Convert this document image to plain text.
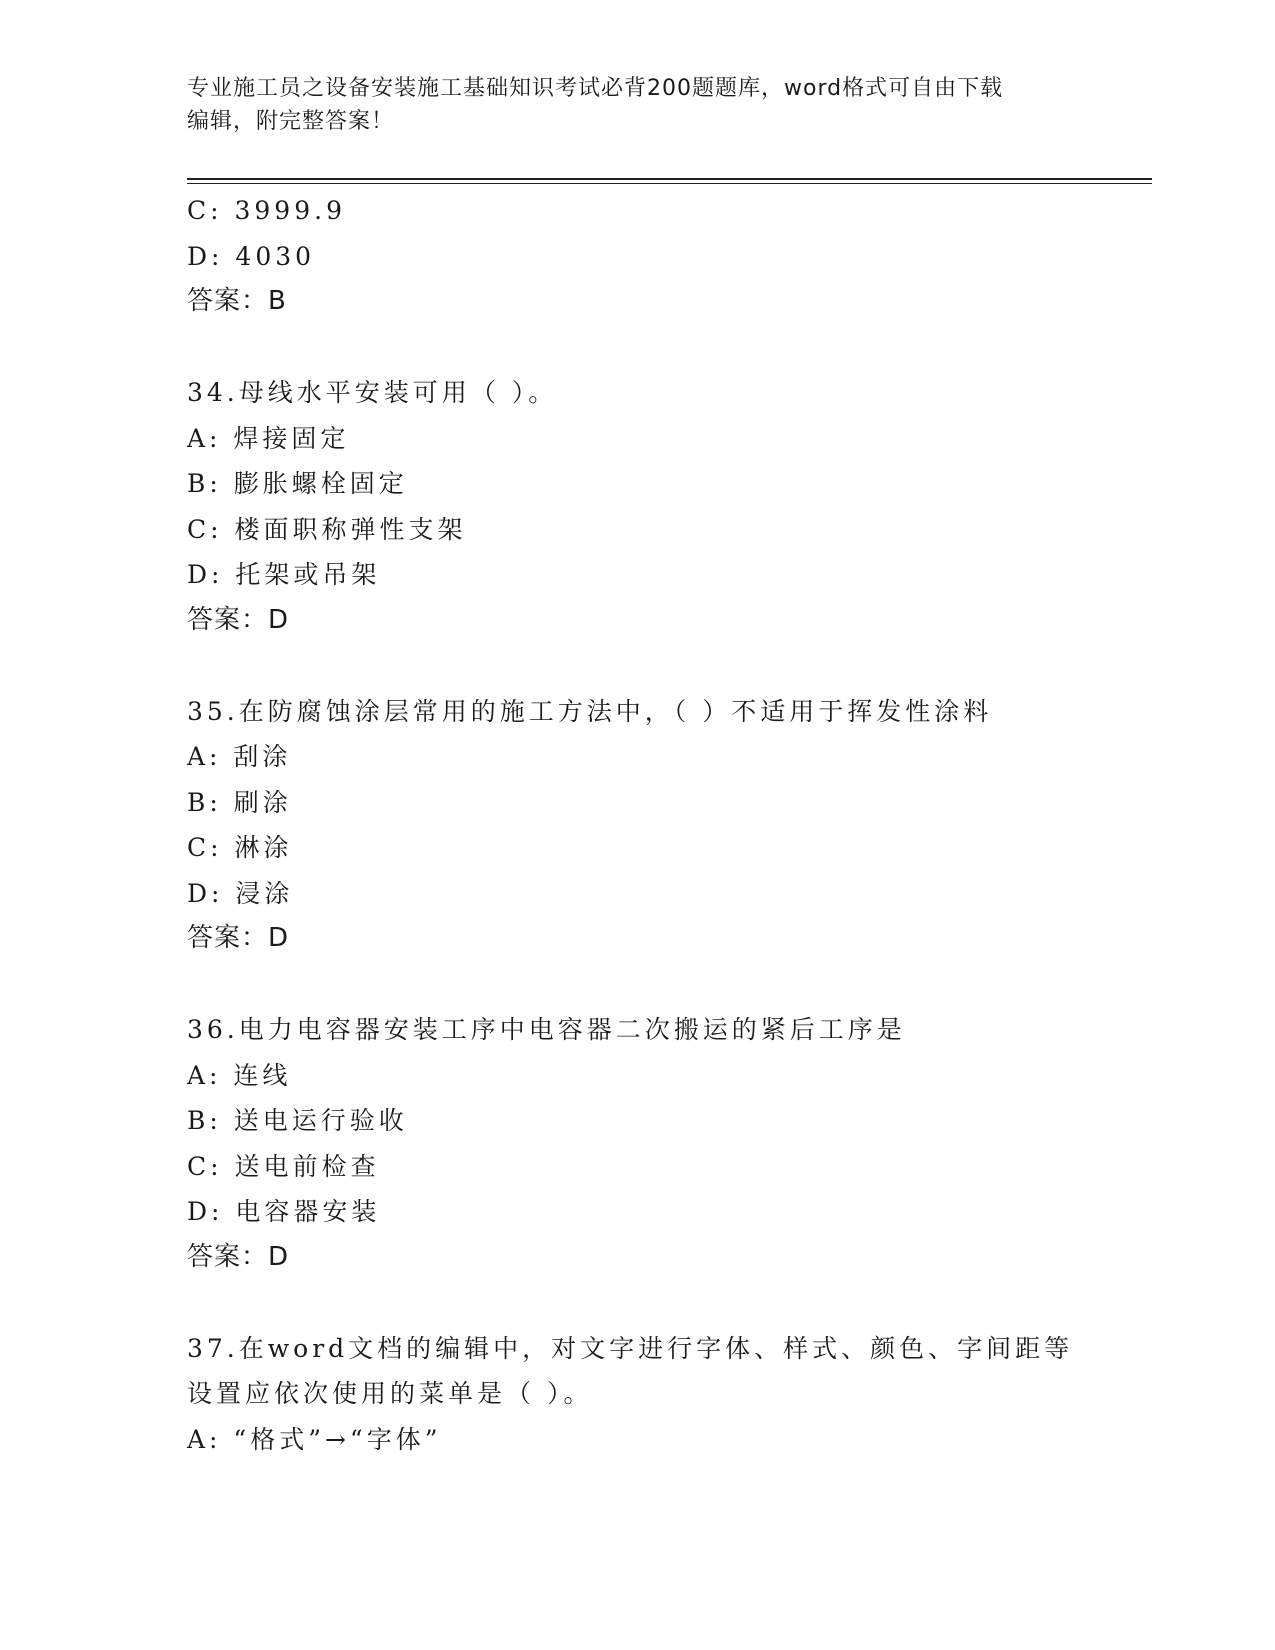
专业施工员之设备安装施工基础知识考试必背200题题库，word格式可自由下载
编辑，附完整答案！
C: 3999.9
D: 4030
答案：B
34.母线水平安装可用（ ）。
A: 焊接固定
B: 膨胀螺栓固定
C: 楼面职称弹性支架
D: 托架或吊架
答案：D
35.在防腐蚀涂层常用的施工方法中，（ ）不适用于挥发性涂料
A: 刮涂
B: 刷涂
C: 淋涂
D: 浸涂
答案：D
36.电力电容器安装工序中电容器二次搬运的紧后工序是
A: 连线
B: 送电运行验收
C: 送电前检查
D: 电容器安装
答案：D
37.在word文档的编辑中，对文字进行字体、样式、颜色、字间距等
设置应依次使用的菜单是（ ）。
A: “格式”→“字体”
